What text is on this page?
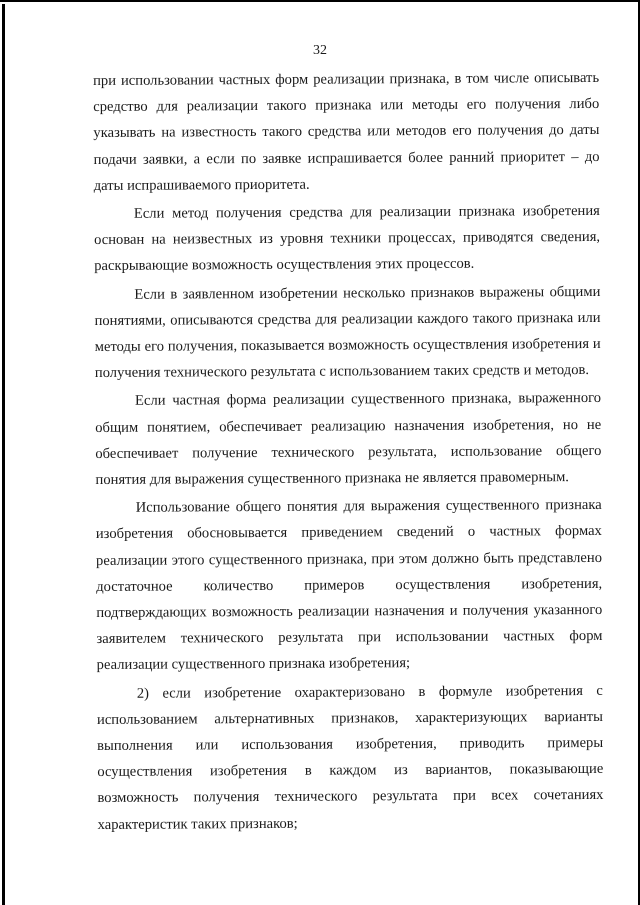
32

при использовании частных форм реализации признака, в том числе описывать средство для реализации такого признака или методы его получения либо указывать на известность такого средства или методов его получения до даты подачи заявки, а если по заявке испрашивается более ранний приоритет – до даты испрашиваемого приоритета.

Если метод получения средства для реализации признака изобретения основан на неизвестных из уровня техники процессах, приводятся сведения, раскрывающие возможность осуществления этих процессов.

Если в заявленном изобретении несколько признаков выражены общими понятиями, описываются средства для реализации каждого такого признака или методы его получения, показывается возможность осуществления изобретения и получения технического результата с использованием таких средств и методов.

Если частная форма реализации существенного признака, выраженного общим понятием, обеспечивает реализацию назначения изобретения, но не обеспечивает получение технического результата, использование общего понятия для выражения существенного признака не является правомерным.

Использование общего понятия для выражения существенного признака изобретения обосновывается приведением сведений о частных формах реализации этого существенного признака, при этом должно быть представлено достаточное количество примеров осуществления изобретения, подтверждающих возможность реализации назначения и получения указанного заявителем технического результата при использовании частных форм реализации существенного признака изобретения;

2) если изобретение охарактеризовано в формуле изобретения с использованием альтернативных признаков, характеризующих варианты выполнения или использования изобретения, приводить примеры осуществления изобретения в каждом из вариантов, показывающие возможность получения технического результата при всех сочетаниях характеристик таких признаков;
